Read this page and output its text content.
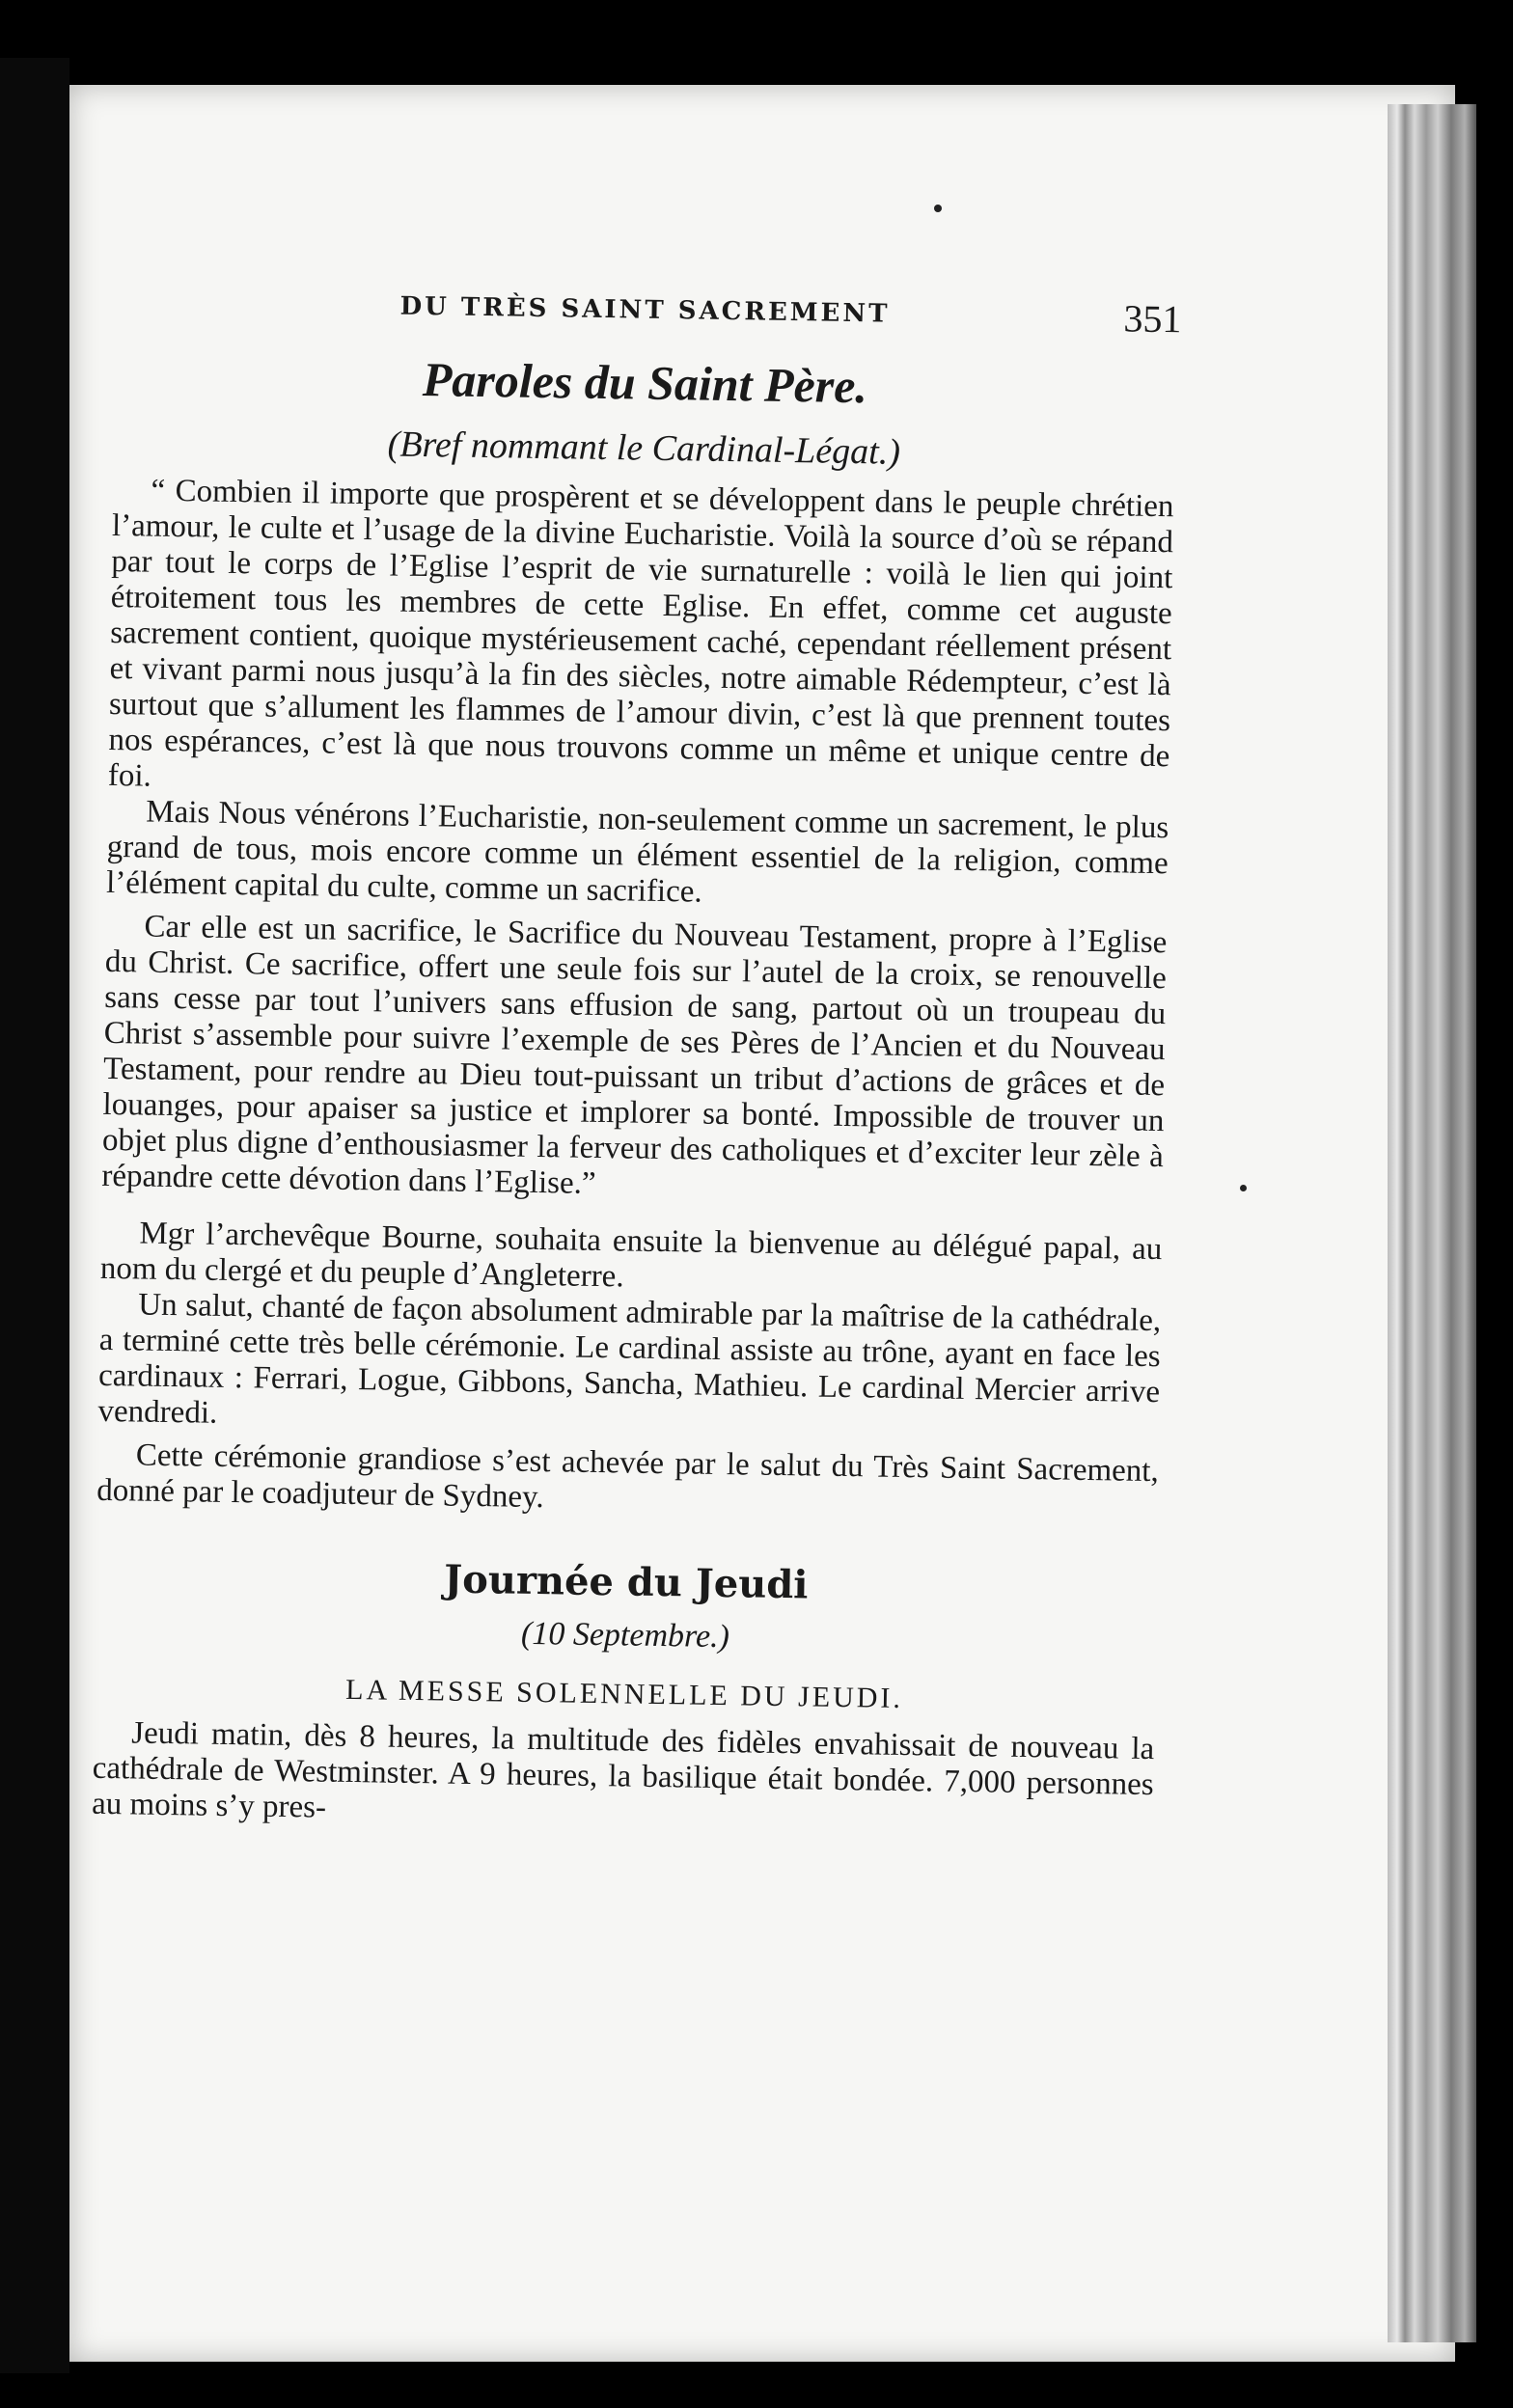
DU TRÈS SAINT SACREMENT	351
Paroles du Saint Père.
(Bref nommant le Cardinal-Légat.)

“ Combien il importe que prospèrent et se développent dans le peuple chrétien l’amour, le culte et l’usage de la divine Eucharistie. Voilà la source d’où se répand par tout le corps de l’Eglise l’esprit de vie surnaturelle : voilà le lien qui joint étroitement tous les membres de cette Eglise. En effet, comme cet auguste sacrement contient, quoique mystérieusement caché, cependant réellement présent et vivant parmi nous jusqu’à la fin des siècles, notre aimable Rédempteur, c’est là surtout que s’allument les flammes de l’amour divin, c’est là que prennent toutes nos espérances, c’est là que nous trouvons comme un même et unique centre de foi.

Mais Nous vénérons l’Eucharistie, non-seulement comme un sacrement, le plus grand de tous, mois encore comme un élément essentiel de la religion, comme l’élément capital du culte, comme un sacrifice.

Car elle est un sacrifice, le Sacrifice du Nouveau Testament, propre à l’Eglise du Christ. Ce sacrifice, offert une seule fois sur l’autel de la croix, se renouvelle sans cesse par tout l’univers sans effusion de sang, partout où un troupeau du Christ s’assemble pour suivre l’exemple de ses Pères de l’Ancien et du Nouveau Testament, pour rendre au Dieu tout-puissant un tribut d’actions de grâces et de louanges, pour apaiser sa justice et implorer sa bonté. Impossible de trouver un objet plus digne d’enthousiasmer la ferveur des catholiques et d’exciter leur zèle à répandre cette dévotion dans l’Eglise.”

Mgr l’archevêque Bourne, souhaita ensuite la bienvenue au délégué papal, au nom du clergé et du peuple d’Angleterre.

Un salut, chanté de façon absolument admirable par la maîtrise de la cathédrale, a terminé cette très belle cérémonie. Le cardinal assiste au trône, ayant en face les cardinaux : Ferrari, Logue, Gibbons, Sancha, Mathieu. Le cardinal Mercier arrive vendredi.

Cette cérémonie grandiose s’est achevée par le salut du Très Saint Sacrement, donné par le coadjuteur de Sydney.

Journée du Jeudi
(10 Septembre.)
LA MESSE SOLENNELLE DU JEUDI.

Jeudi matin, dès 8 heures, la multitude des fidèles envahissait de nouveau la cathédrale de Westminster. A 9 heures, la basilique était bondée. 7,000 personnes au moins s’y pres-
